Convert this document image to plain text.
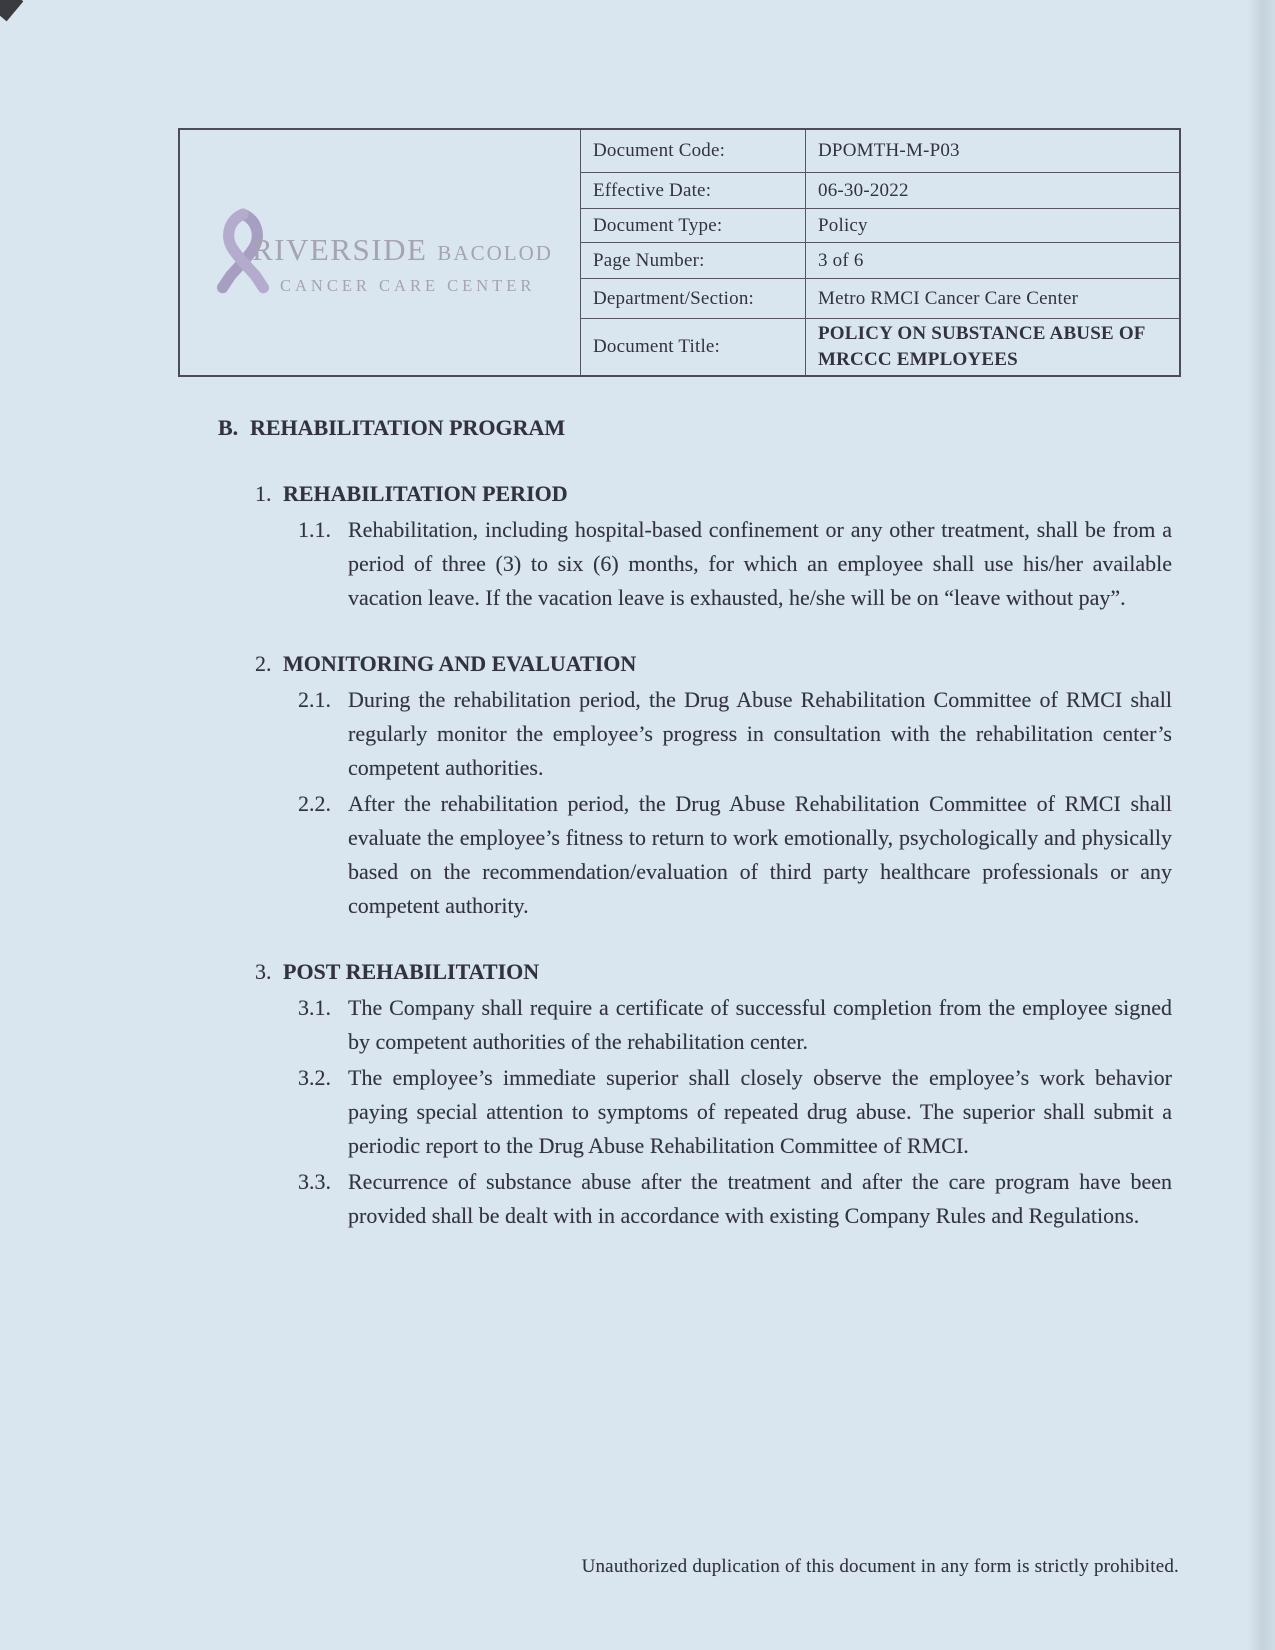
RIVERSIDE BACOLOD
CANCER CARE CENTER
Document Code:	DPOMTH-M-P03
Effective Date:	06-30-2022
Document Type:	Policy
Page Number:	3 of 6
Department/Section:	Metro RMCI Cancer Care Center
Document Title:
POLICY ON SUBSTANCE ABUSE OF MRCCC EMPLOYEES
B. REHABILITATION PROGRAM
1. REHABILITATION PERIOD
1.1. Rehabilitation, including hospital-based confinement or any other treatment, shall be from a period of three (3) to six (6) months, for which an employee shall use his/her available vacation leave. If the vacation leave is exhausted, he/she will be on “leave without pay”.
2. MONITORING AND EVALUATION
2.1. During the rehabilitation period, the Drug Abuse Rehabilitation Committee of RMCI shall regularly monitor the employee’s progress in consultation with the rehabilitation center’s competent authorities.
2.2. After the rehabilitation period, the Drug Abuse Rehabilitation Committee of RMCI shall evaluate the employee’s fitness to return to work emotionally, psychologically and physically based on the recommendation/evaluation of third party healthcare professionals or any competent authority.
3. POST REHABILITATION
3.1. The Company shall require a certificate of successful completion from the employee signed by competent authorities of the rehabilitation center.
3.2. The employee’s immediate superior shall closely observe the employee’s work behavior paying special attention to symptoms of repeated drug abuse. The superior shall submit a periodic report to the Drug Abuse Rehabilitation Committee of RMCI.
3.3. Recurrence of substance abuse after the treatment and after the care program have been provided shall be dealt with in accordance with existing Company Rules and Regulations.
Unauthorized duplication of this document in any form is strictly prohibited.
